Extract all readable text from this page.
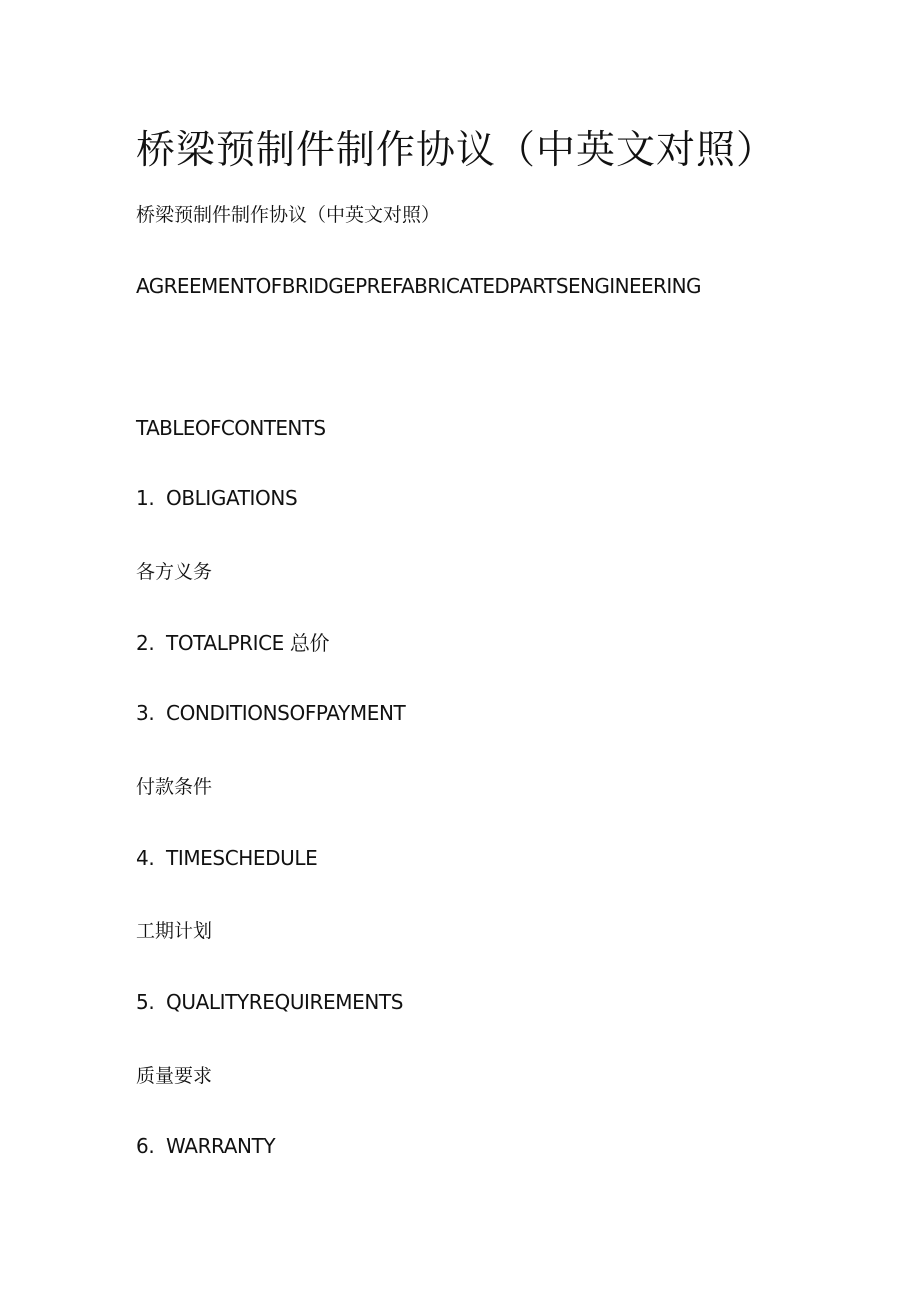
桥梁预制件制作协议（中英文对照）
桥梁预制件制作协议（中英文对照）
AGREEMENTOFBRIDGEPREFABRICATEDPARTSENGINEERING
TABLEOFCONTENTS
1. OBLIGATIONS
各方义务
2. TOTALPRICE 总价
3. CONDITIONSOFPAYMENT
付款条件
4. TIMESCHEDULE
工期计划
5. QUALITYREQUIREMENTS
质量要求
6. WARRANTY
